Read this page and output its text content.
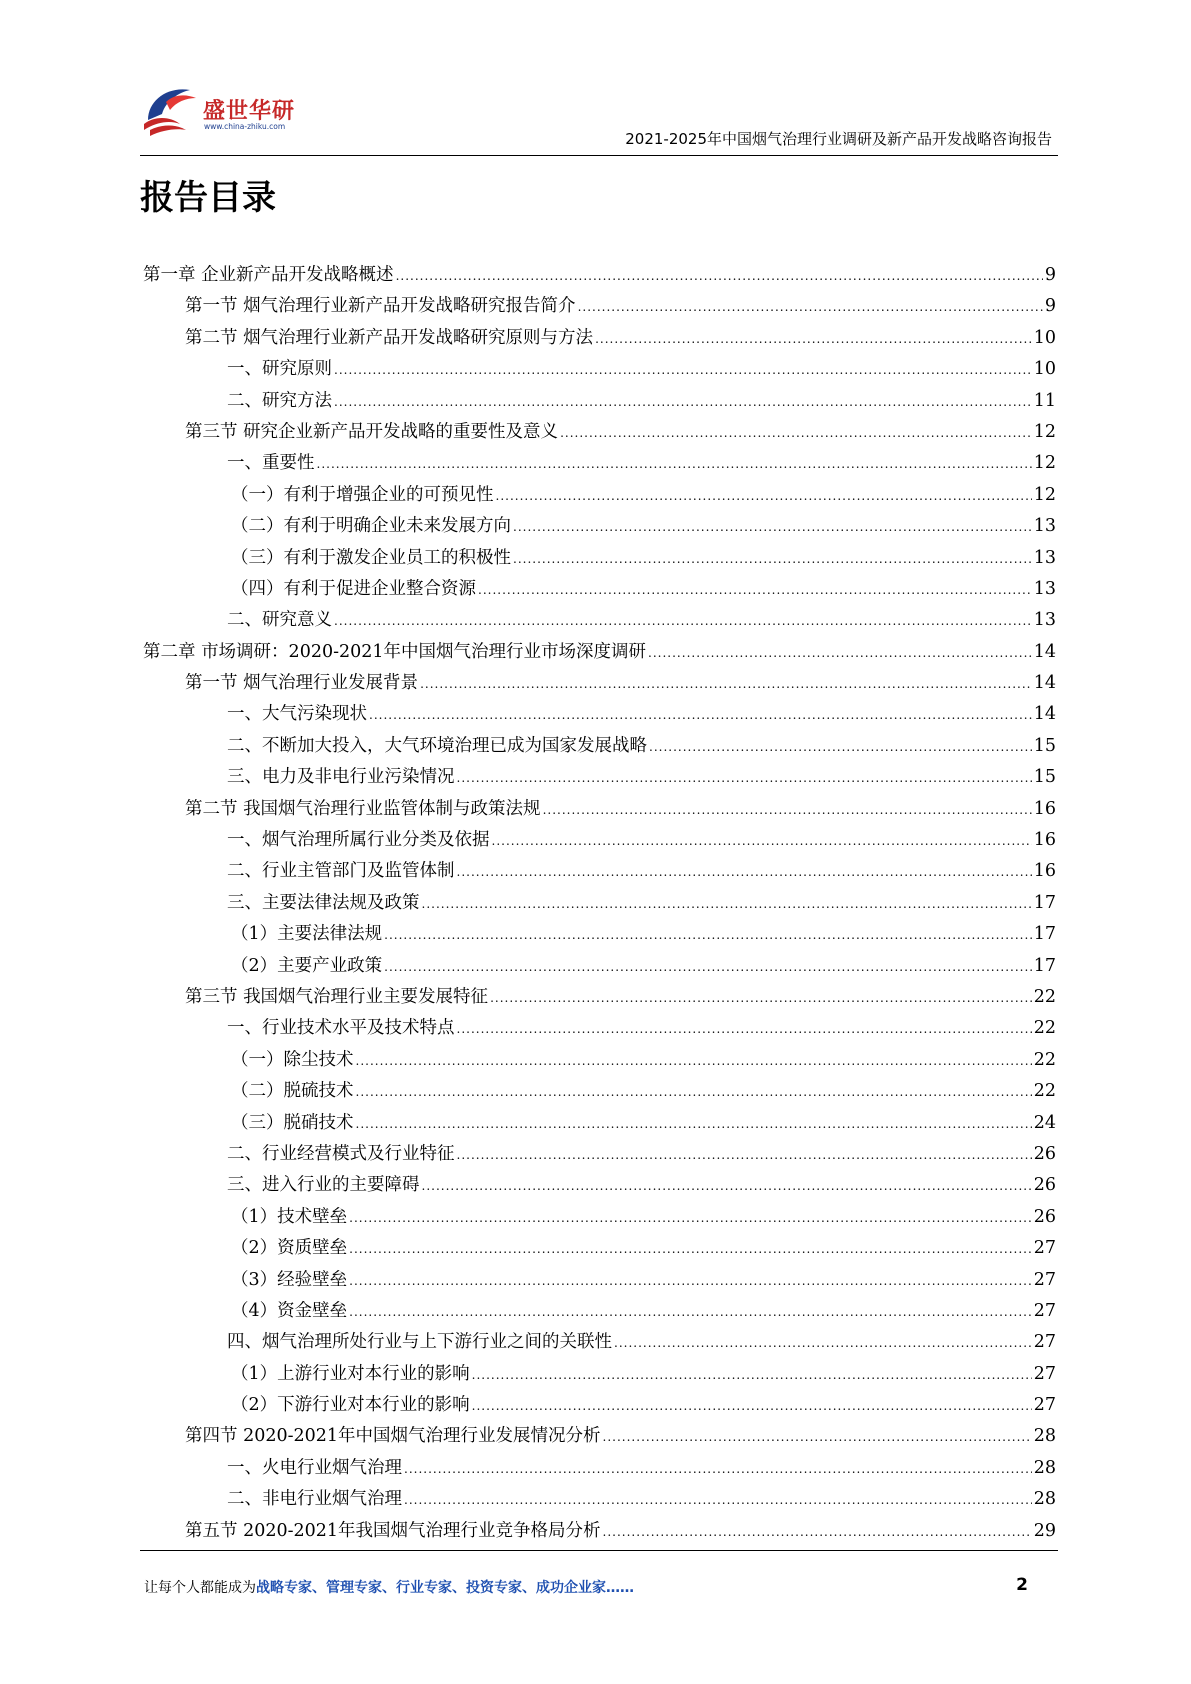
盛世华研
www.china-zhiku.com
2021-2025年中国烟气治理行业调研及新产品开发战略咨询报告
报告目录
第一章 企业新产品开发战略概述 .....	9
第一节 烟气治理行业新产品开发战略研究报告简介 .....	9
第二节 烟气治理行业新产品开发战略研究原则与方法 .....	10
一、研究原则 .....	10
二、研究方法 .....	11
第三节 研究企业新产品开发战略的重要性及意义 .....	12
一、重要性 .....	12
（一）有利于增强企业的可预见性 .....	12
（二）有利于明确企业未来发展方向 .....	13
（三）有利于激发企业员工的积极性 .....	13
（四）有利于促进企业整合资源 .....	13
二、研究意义 .....	13
第二章 市场调研：2020-2021年中国烟气治理行业市场深度调研 .....	14
第一节 烟气治理行业发展背景 .....	14
一、大气污染现状 .....	14
二、不断加大投入，大气环境治理已成为国家发展战略 .....	15
三、电力及非电行业污染情况 .....	15
第二节 我国烟气治理行业监管体制与政策法规 .....	16
一、烟气治理所属行业分类及依据 .....	16
二、行业主管部门及监管体制 .....	16
三、主要法律法规及政策 .....	17
（1）主要法律法规 .....	17
（2）主要产业政策 .....	17
第三节 我国烟气治理行业主要发展特征 .....	22
一、行业技术水平及技术特点 .....	22
（一）除尘技术 .....	22
（二）脱硫技术 .....	22
（三）脱硝技术 .....	24
二、行业经营模式及行业特征 .....	26
三、进入行业的主要障碍 .....	26
（1）技术壁垒 .....	26
（2）资质壁垒 .....	27
（3）经验壁垒 .....	27
（4）资金壁垒 .....	27
四、烟气治理所处行业与上下游行业之间的关联性 .....	27
（1）上游行业对本行业的影响 .....	27
（2）下游行业对本行业的影响 .....	27
第四节 2020-2021年中国烟气治理行业发展情况分析 .....	28
一、火电行业烟气治理 .....	28
二、非电行业烟气治理 .....	28
第五节 2020-2021年我国烟气治理行业竞争格局分析 .....	29
让每个人都能成为战略专家、管理专家、行业专家、投资专家、成功企业家……	2
